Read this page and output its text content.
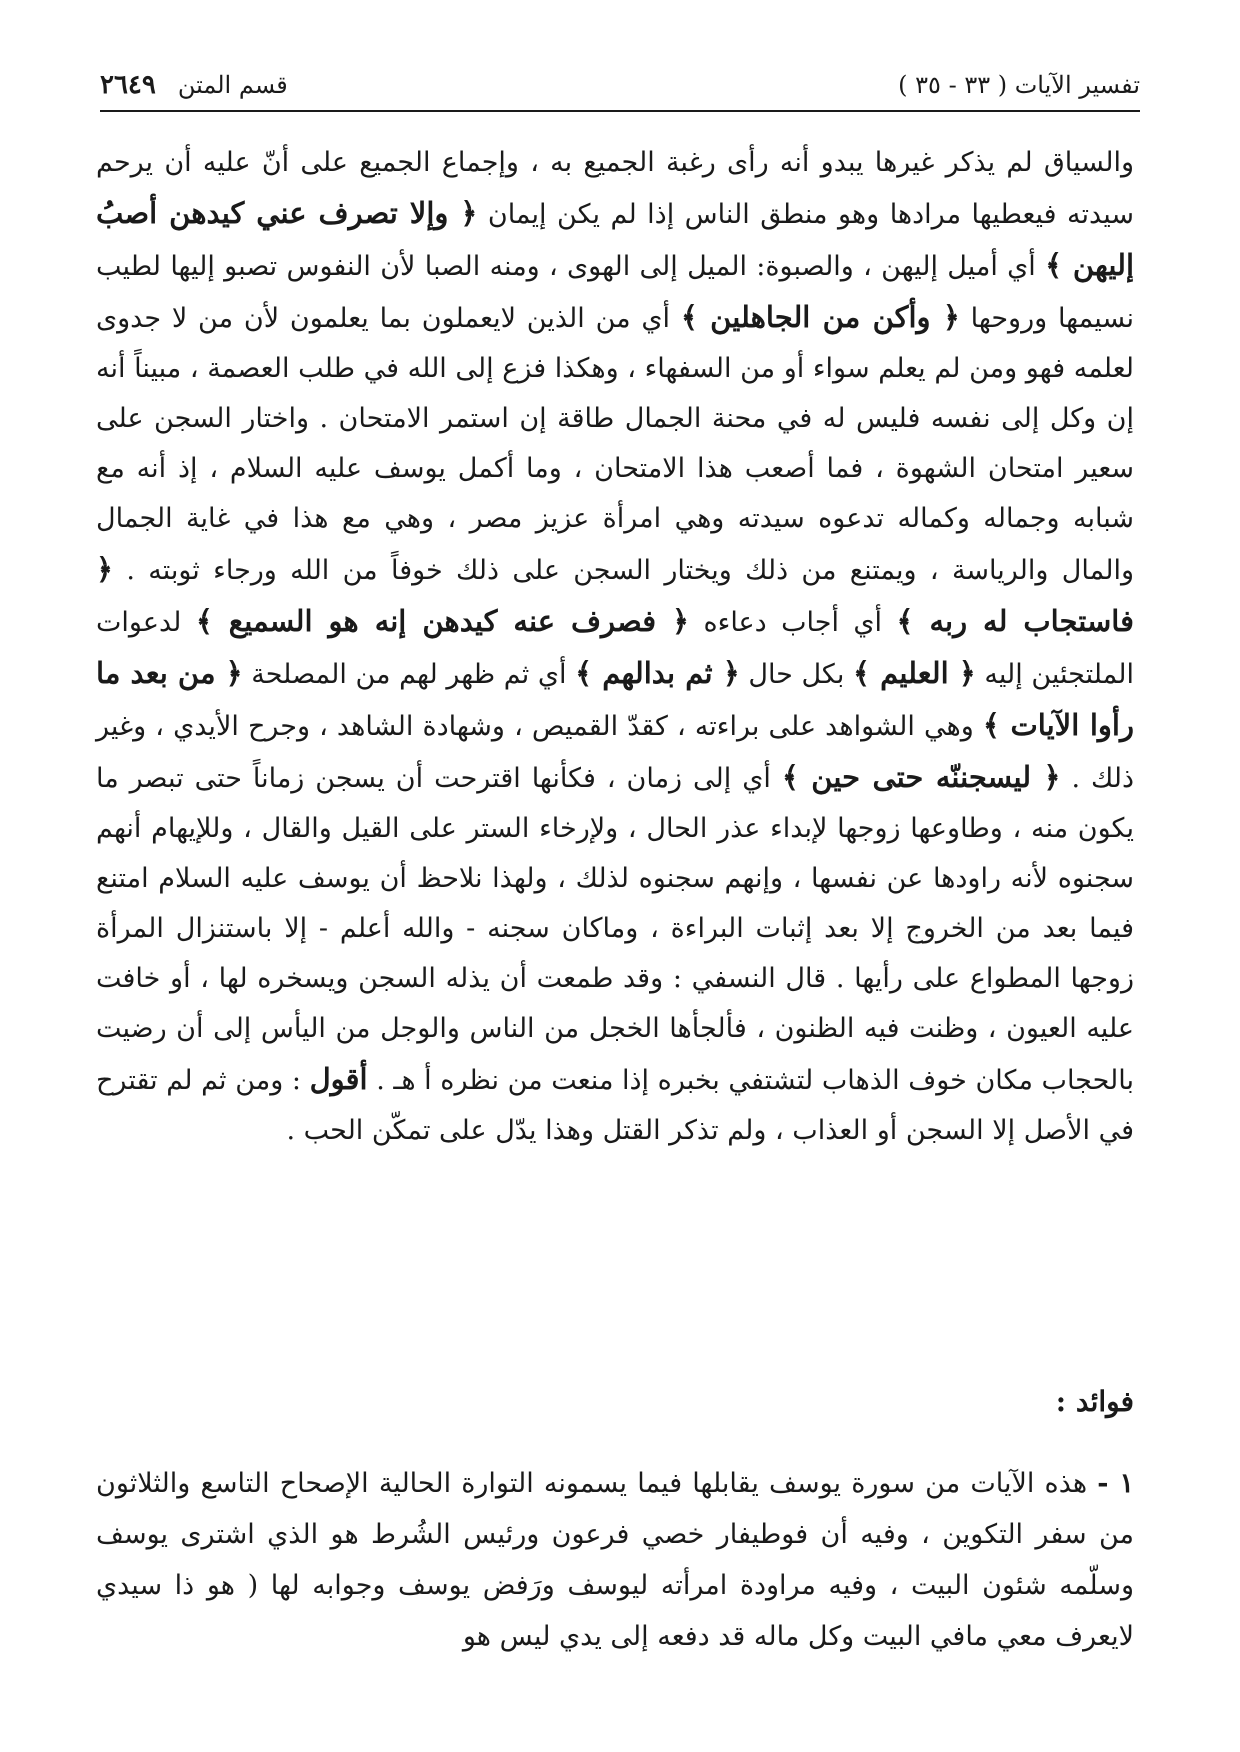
تفسير الآيات ( ٣٣ - ٣٥ )
قسم المتن
٢٦٤٩

والسياق لم يذكر غيرها يبدو أنه رأى رغبة الجميع به ، وإجماع الجميع على أنّ عليه أن يرحم سيدته فيعطيها مرادها وهو منطق الناس إذا لم يكن إيمان ﴿ وإلا تصرف عني كيدهن أصبُ إليهن ﴾ أي أميل إليهن ، والصبوة: الميل إلى الهوى ، ومنه الصبا لأن النفوس تصبو إليها لطيب نسيمها وروحها ﴿ وأكن من الجاهلين ﴾ أي من الذين لايعملون بما يعلمون لأن من لا جدوى لعلمه فهو ومن لم يعلم سواء أو من السفهاء ، وهكذا فزع إلى الله في طلب العصمة ، مبيناً أنه إن وكل إلى نفسه فليس له في محنة الجمال طاقة إن استمر الامتحان . واختار السجن على سعير امتحان الشهوة ، فما أصعب هذا الامتحان ، وما أكمل يوسف عليه السلام ، إذ أنه مع شبابه وجماله وكماله تدعوه سيدته وهي امرأة عزيز مصر ، وهي مع هذا في غاية الجمال والمال والرياسة ، ويمتنع من ذلك ويختار السجن على ذلك خوفاً من الله ورجاء ثوبته . ﴿ فاستجاب له ربه ﴾ أي أجاب دعاءه ﴿ فصرف عنه كيدهن إنه هو السميع ﴾ لدعوات الملتجئين إليه ﴿ العليم ﴾ بكل حال ﴿ ثم بدالهم ﴾ أي ثم ظهر لهم من المصلحة ﴿ من بعد ما رأوا الآيات ﴾ وهي الشواهد على براءته ، كقدّ القميص ، وشهادة الشاهد ، وجرح الأيدي ، وغير ذلك . ﴿ ليسجننّه حتى حين ﴾ أي إلى زمان ، فكأنها اقترحت أن يسجن زماناً حتى تبصر ما يكون منه ، وطاوعها زوجها لإبداء عذر الحال ، ولإرخاء الستر على القيل والقال ، وللإيهام أنهم سجنوه لأنه راودها عن نفسها ، وإنهم سجنوه لذلك ، ولهذا نلاحظ أن يوسف عليه السلام امتنع فيما بعد من الخروج إلا بعد إثبات البراءة ، وماكان سجنه - والله أعلم - إلا باستنزال المرأة زوجها المطواع على رأيها . قال النسفي : وقد طمعت أن يذله السجن ويسخره لها ، أو خافت عليه العيون ، وظنت فيه الظنون ، فألجأها الخجل من الناس والوجل من اليأس إلى أن رضيت بالحجاب مكان خوف الذهاب لتشتفي بخبره إذا منعت من نظره أ هـ . أقول : ومن ثم لم تقترح في الأصل إلا السجن أو العذاب ، ولم تذكر القتل وهذا يدّل على تمكّن الحب .

فوائد :

١ - هذه الآيات من سورة يوسف يقابلها فيما يسمونه التوارة الحالية الإصحاح التاسع والثلاثون من سفر التكوين ، وفيه أن فوطيفار خصي فرعون ورئيس الشُرط هو الذي اشترى يوسف وسلّمه شئون البيت ، وفيه مراودة امرأته ليوسف ورَفض يوسف وجوابه لها ( هو ذا سيدي لايعرف معي مافي البيت وكل ماله قد دفعه إلى يدي ليس هو
